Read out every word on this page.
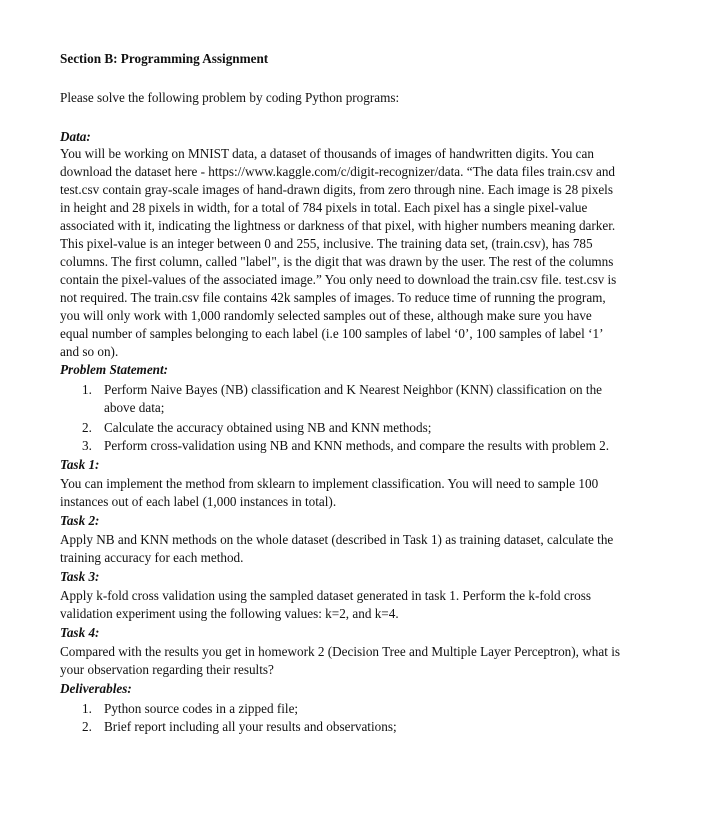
Section B: Programming Assignment
Please solve the following problem by coding Python programs:
Data:
You will be working on MNIST data, a dataset of thousands of images of handwritten digits. You can
download the dataset here - https://www.kaggle.com/c/digit-recognizer/data. “The data files train.csv and
test.csv contain gray-scale images of hand-drawn digits, from zero through nine. Each image is 28 pixels
in height and 28 pixels in width, for a total of 784 pixels in total. Each pixel has a single pixel-value
associated with it, indicating the lightness or darkness of that pixel, with higher numbers meaning darker.
This pixel-value is an integer between 0 and 255, inclusive. The training data set, (train.csv), has 785
columns. The first column, called "label", is the digit that was drawn by the user. The rest of the columns
contain the pixel-values of the associated image.” You only need to download the train.csv file. test.csv is
not required. The train.csv file contains 42k samples of images. To reduce time of running the program,
you will only work with 1,000 randomly selected samples out of these, although make sure you have
equal number of samples belonging to each label (i.e 100 samples of label ‘0’, 100 samples of label ‘1’
and so on).
Problem Statement:
1. Perform Naive Bayes (NB) classification and K Nearest Neighbor (KNN) classification on the
above data;
2. Calculate the accuracy obtained using NB and KNN methods;
3. Perform cross-validation using NB and KNN methods, and compare the results with problem 2.
Task 1:
You can implement the method from sklearn to implement classification. You will need to sample 100
instances out of each label (1,000 instances in total).
Task 2:
Apply NB and KNN methods on the whole dataset (described in Task 1) as training dataset, calculate the
training accuracy for each method.
Task 3:
Apply k-fold cross validation using the sampled dataset generated in task 1. Perform the k-fold cross
validation experiment using the following values: k=2, and k=4.
Task 4:
Compared with the results you get in homework 2 (Decision Tree and Multiple Layer Perceptron), what is
your observation regarding their results?
Deliverables:
1. Python source codes in a zipped file;
2. Brief report including all your results and observations;
